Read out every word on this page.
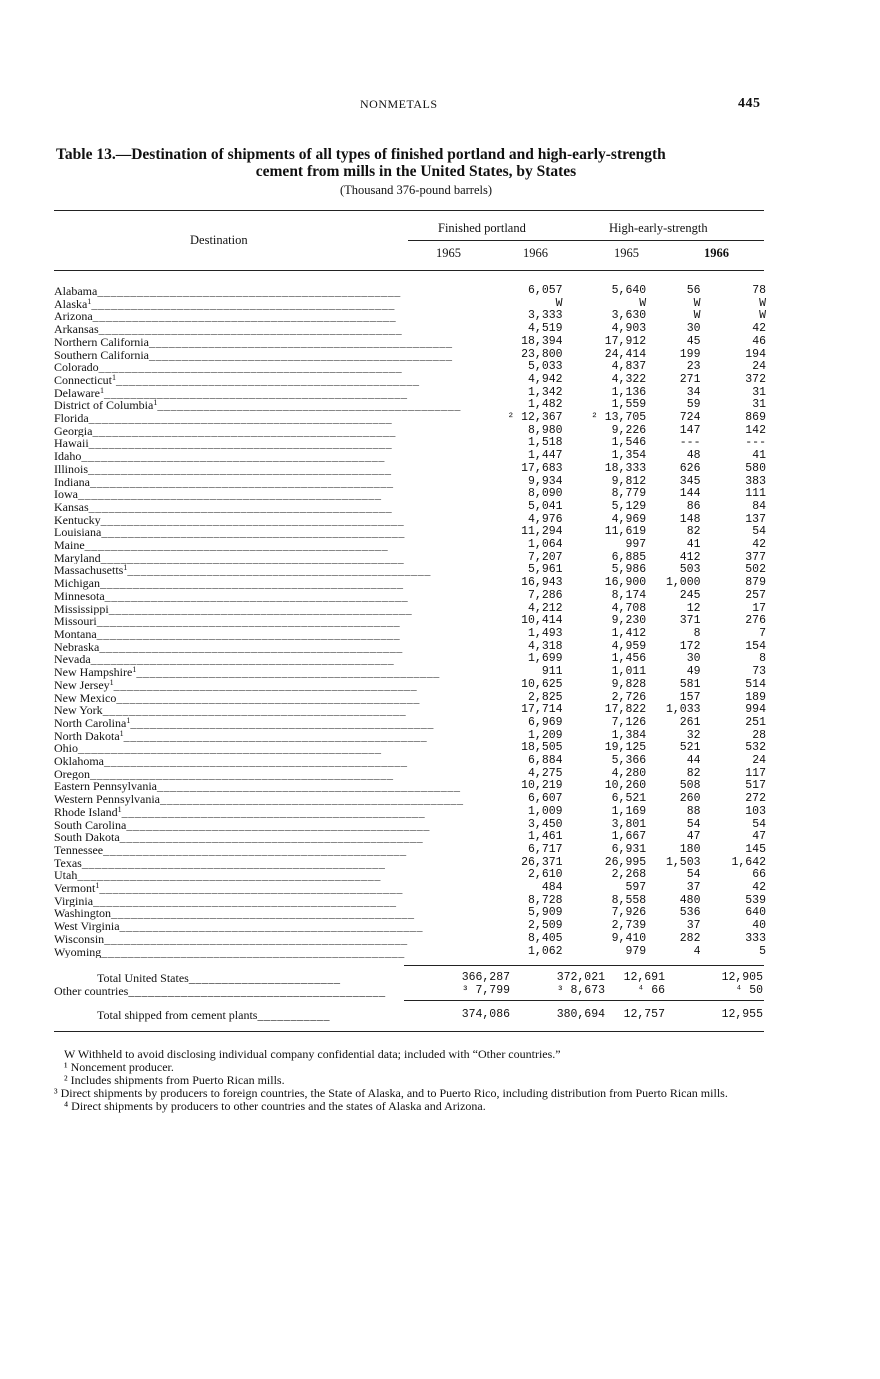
NONMETALS	445
Table 13.—Destination of shipments of all types of finished portland and high-early-strength
cement from mills in the United States, by States
(Thousand 376-pound barrels)
Destination
Finished portland	High-early-strength
1965	1966	1965	1966
Alabama______________________________________________	6,057	5,640	56	78
Alaska$^1$______________________________________________	W	W	W	W
Arizona______________________________________________	3,333	3,630	W	W
Arkansas______________________________________________	4,519	4,903	30	42
Northern California______________________________________________	18,394	17,912	45	46
Southern California______________________________________________	23,800	24,414	199	194
Colorado______________________________________________	5,033	4,837	23	24
Connecticut$^1$______________________________________________	4,942	4,322	271	372
Delaware$^1$______________________________________________	1,342	1,136	34	31
District of Columbia$^1$______________________________________________	1,482	1,559	59	31
Florida______________________________________________	² 12,367	² 13,705	724	869
Georgia______________________________________________	8,980	9,226	147	142
Hawaii______________________________________________	1,518	1,546	---	---
Idaho______________________________________________	1,447	1,354	48	41
Illinois______________________________________________	17,683	18,333	626	580
Indiana______________________________________________	9,934	9,812	345	383
Iowa______________________________________________	8,090	8,779	144	111
Kansas______________________________________________	5,041	5,129	86	84
Kentucky______________________________________________	4,976	4,969	148	137
Louisiana______________________________________________	11,294	11,619	82	54
Maine______________________________________________	1,064	997	41	42
Maryland______________________________________________	7,207	6,885	412	377
Massachusetts$^1$______________________________________________	5,961	5,986	503	502
Michigan______________________________________________	16,943	16,900	1,000	879
Minnesota______________________________________________	7,286	8,174	245	257
Mississippi______________________________________________	4,212	4,708	12	17
Missouri______________________________________________	10,414	9,230	371	276
Montana______________________________________________	1,493	1,412	8	7
Nebraska______________________________________________	4,318	4,959	172	154
Nevada______________________________________________	1,699	1,456	30	8
New Hampshire$^1$______________________________________________	911	1,011	49	73
New Jersey$^1$______________________________________________	10,625	9,828	581	514
New Mexico______________________________________________	2,825	2,726	157	189
New York______________________________________________	17,714	17,822	1,033	994
North Carolina$^1$______________________________________________	6,969	7,126	261	251
North Dakota$^1$______________________________________________	1,209	1,384	32	28
Ohio______________________________________________	18,505	19,125	521	532
Oklahoma______________________________________________	6,884	5,366	44	24
Oregon______________________________________________	4,275	4,280	82	117
Eastern Pennsylvania______________________________________________	10,219	10,260	508	517
Western Pennsylvania______________________________________________	6,607	6,521	260	272
Rhode Island$^1$______________________________________________	1,009	1,169	88	103
South Carolina______________________________________________	3,450	3,801	54	54
South Dakota______________________________________________	1,461	1,667	47	47
Tennessee______________________________________________	6,717	6,931	180	145
Texas______________________________________________	26,371	26,995	1,503	1,642
Utah______________________________________________	2,610	2,268	54	66
Vermont$^1$______________________________________________	484	597	37	42
Virginia______________________________________________	8,728	8,558	480	539
Washington______________________________________________	5,909	7,926	536	640
West Virginia______________________________________________	2,509	2,739	37	40
Wisconsin______________________________________________	8,405	9,410	282	333
Wyoming______________________________________________	1,062	979	4	5
Total United States_______________________	366,287	372,021	12,691	12,905
Other countries_______________________________________	³ 7,799	³ 8,673	⁴ 66	⁴ 50
Total shipped from cement plants___________	374,086	380,694	12,757	12,955

W Withheld to avoid disclosing individual company confidential data; included with “Other countries.”

¹ Noncement producer.

² Includes shipments from Puerto Rican mills.

³ Direct shipments by producers to foreign countries, the State of Alaska, and to Puerto Rico, including distribution from Puerto Rican mills.

⁴ Direct shipments by producers to other countries and the states of Alaska and Arizona.
